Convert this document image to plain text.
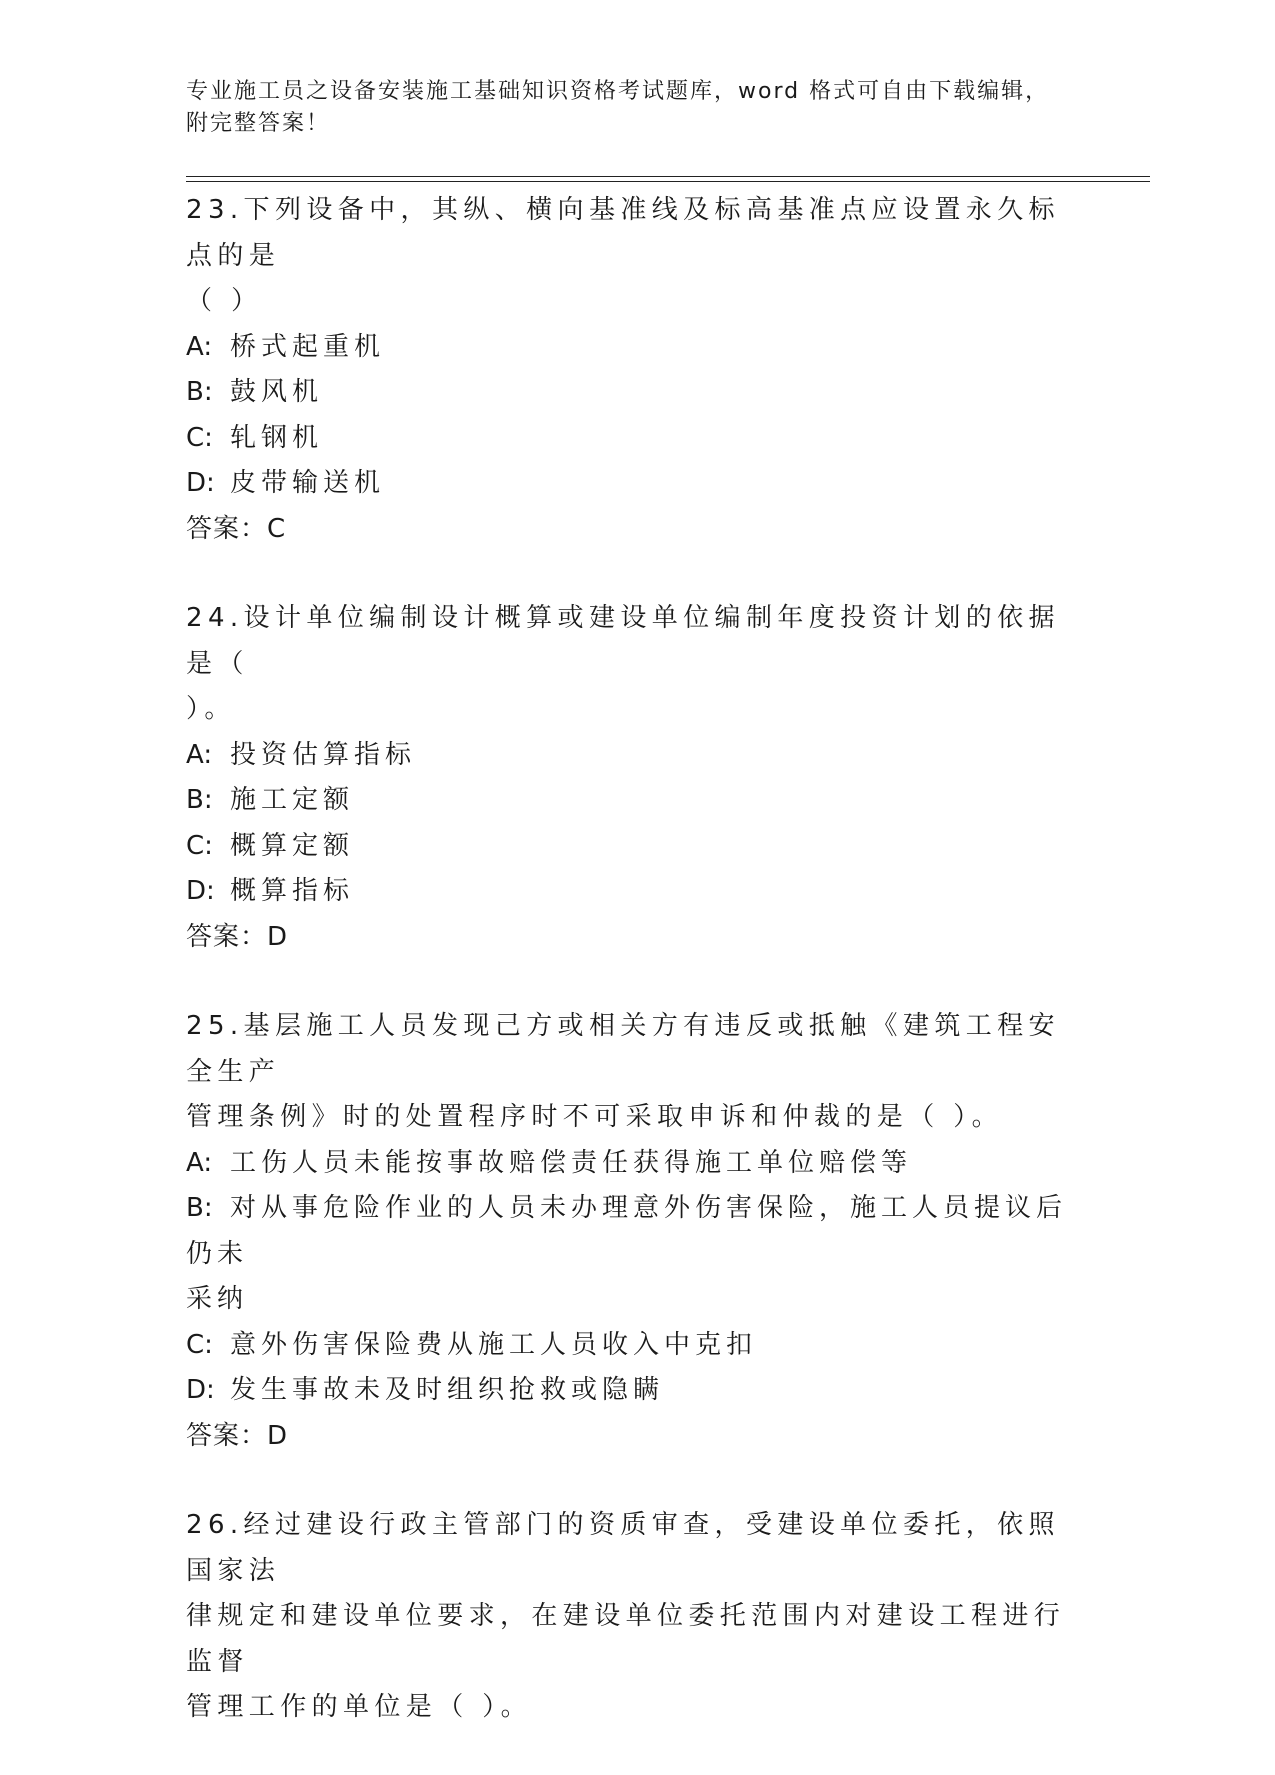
专业施工员之设备安装施工基础知识资格考试题库，word 格式可自由下载编辑，
附完整答案！

23.下列设备中，其纵、横向基准线及标高基准点应设置永久标点的是

（ ）

A: 桥式起重机

B: 鼓风机

C: 轧钢机

D: 皮带输送机

答案：C

24.设计单位编制设计概算或建设单位编制年度投资计划的依据是（

）。

A: 投资估算指标

B: 施工定额

C: 概算定额

D: 概算指标

答案：D

25.基层施工人员发现己方或相关方有违反或抵触《建筑工程安全生产

管理条例》时的处置程序时不可采取申诉和仲裁的是（ ）。

A: 工伤人员未能按事故赔偿责任获得施工单位赔偿等

B: 对从事危险作业的人员未办理意外伤害保险，施工人员提议后仍未

采纳

C: 意外伤害保险费从施工人员收入中克扣

D: 发生事故未及时组织抢救或隐瞒

答案：D

26.经过建设行政主管部门的资质审查，受建设单位委托，依照国家法

律规定和建设单位要求，在建设单位委托范围内对建设工程进行监督

管理工作的单位是（ ）。
